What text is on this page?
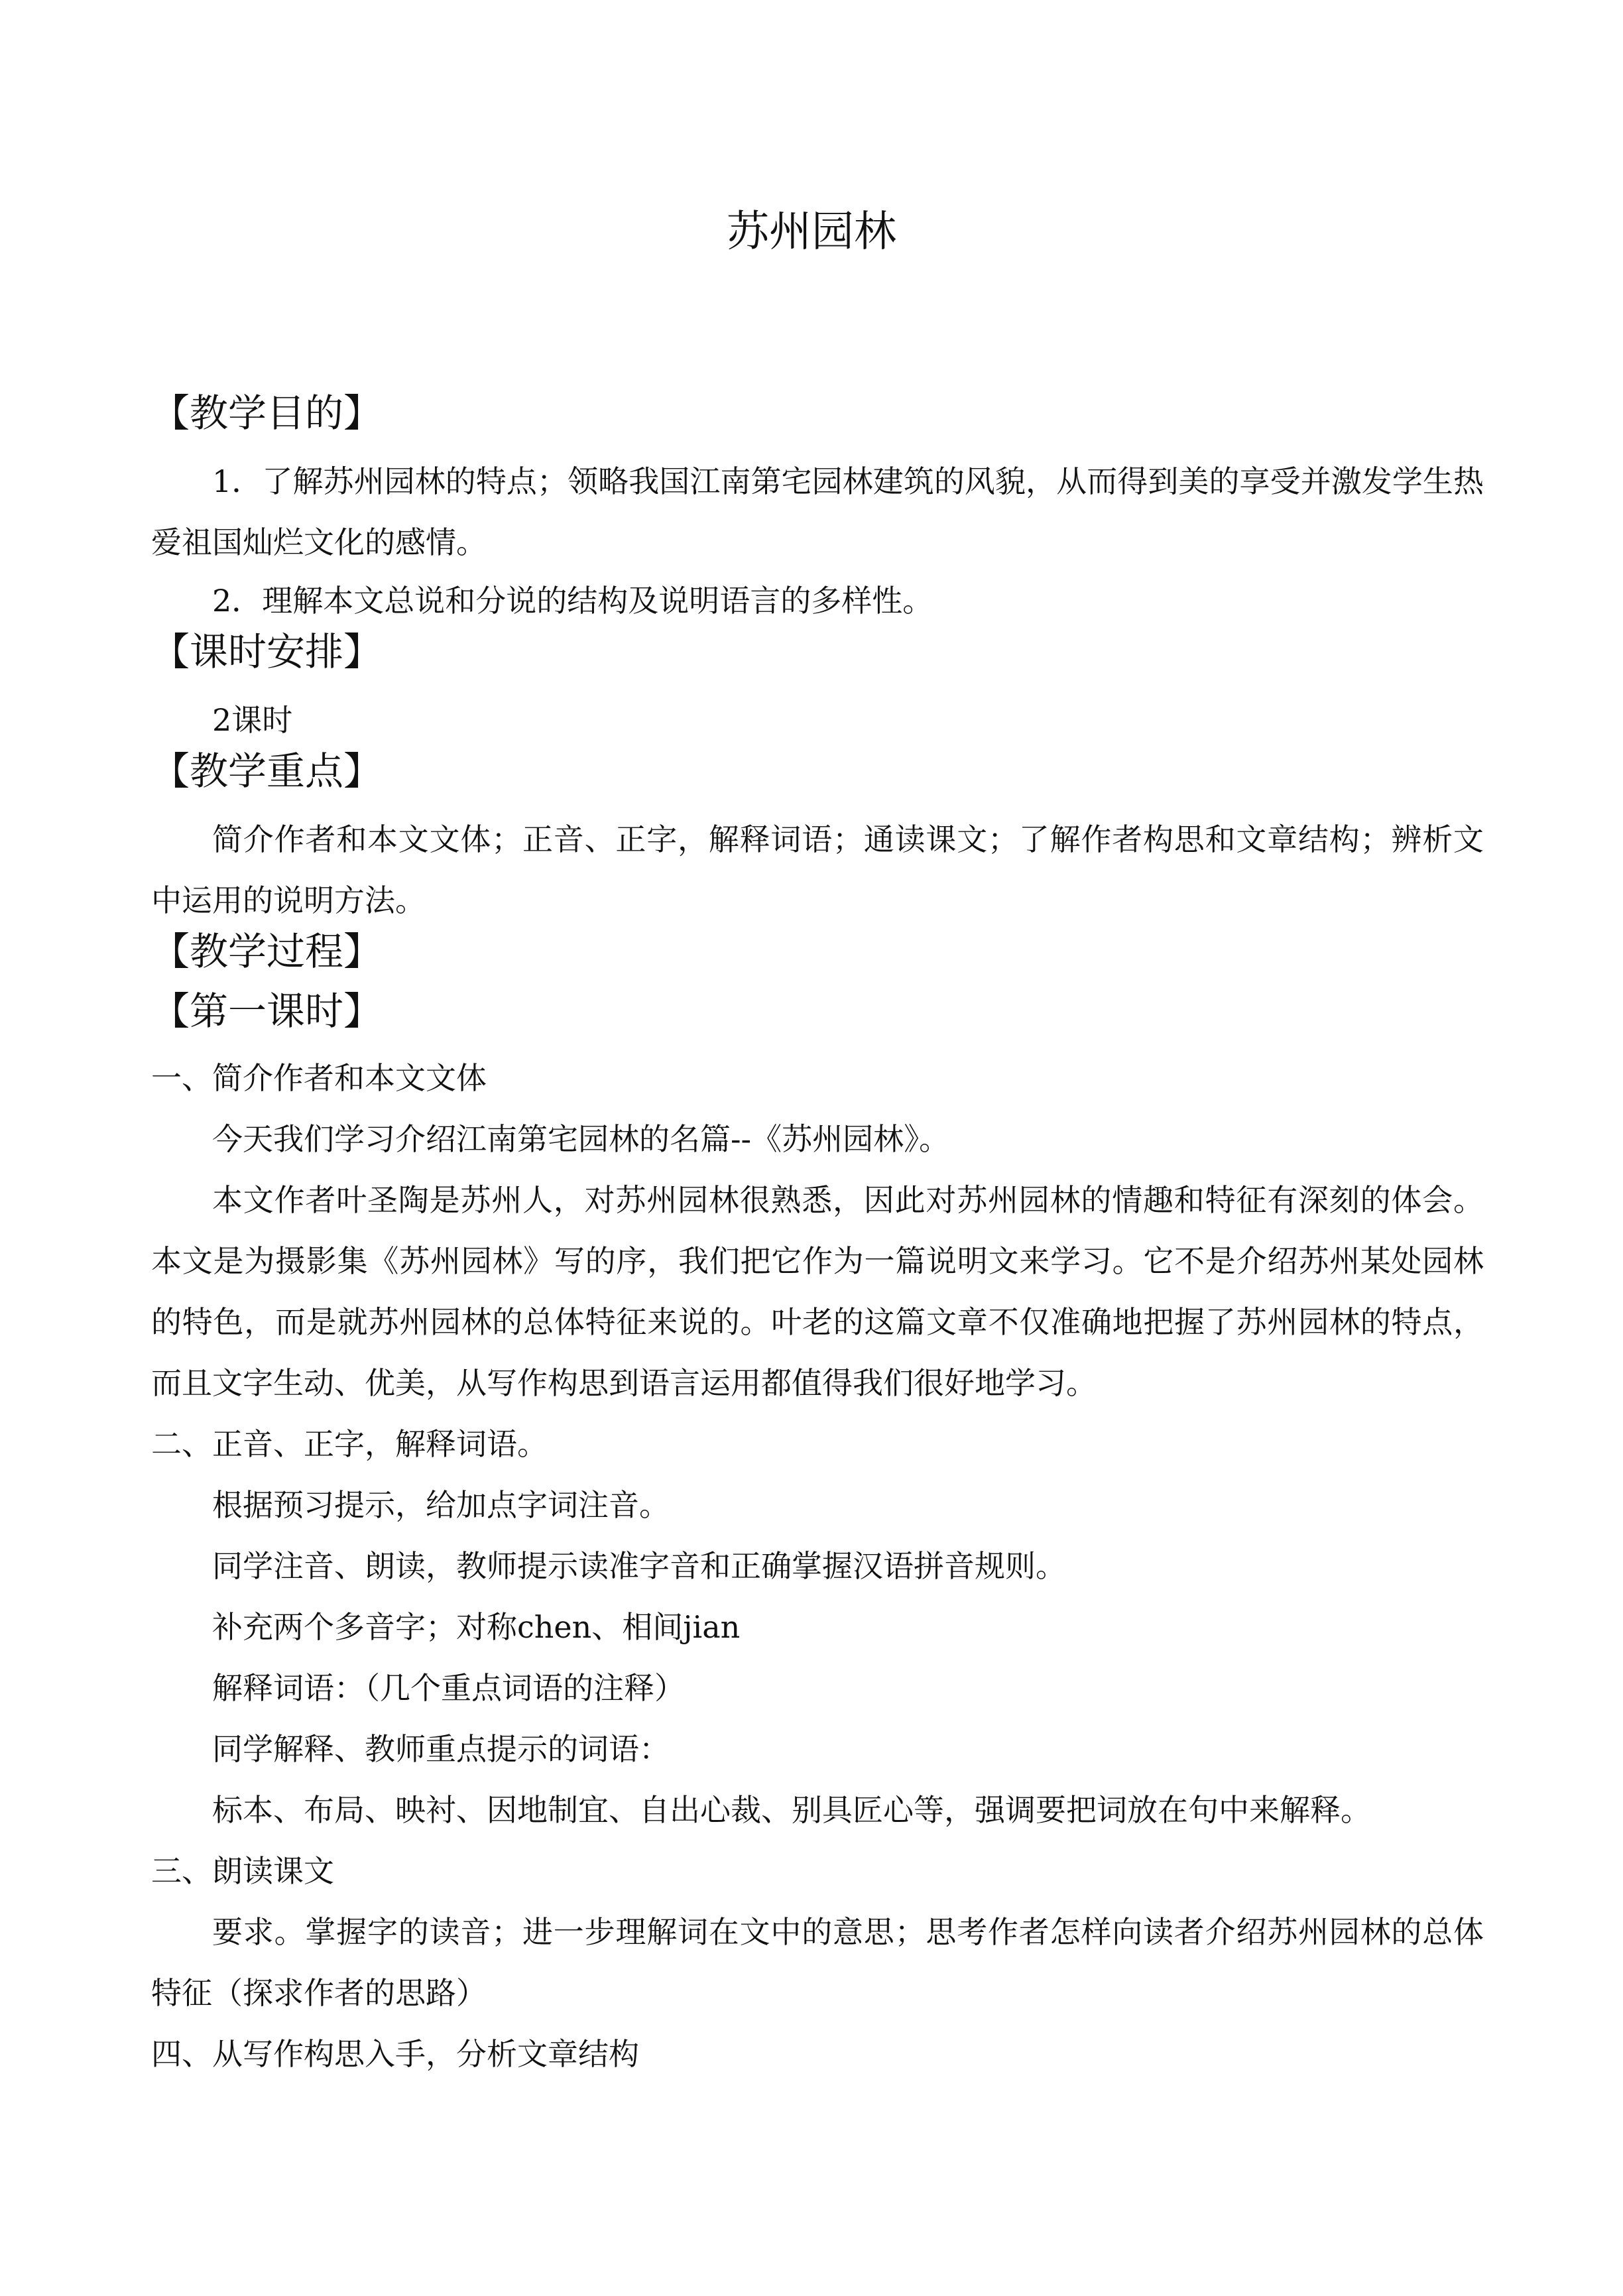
苏州园林
【教学目的】

1．了解苏州园林的特点；领略我国江南第宅园林建筑的风貌，从而得到美的享受并激发学生热爱祖国灿烂文化的感情。

2．理解本文总说和分说的结构及说明语言的多样性。

【课时安排】

2课时

【教学重点】

简介作者和本文文体；正音、正字，解释词语；通读课文；了解作者构思和文章结构；辨析文中运用的说明方法。

【教学过程】
【第一课时】

一、简介作者和本文文体

今天我们学习介绍江南第宅园林的名篇--《苏州园林》。

本文作者叶圣陶是苏州人，对苏州园林很熟悉，因此对苏州园林的情趣和特征有深刻的体会。本文是为摄影集《苏州园林》写的序，我们把它作为一篇说明文来学习。它不是介绍苏州某处园林的特色，而是就苏州园林的总体特征来说的。叶老的这篇文章不仅准确地把握了苏州园林的特点，而且文字生动、优美，从写作构思到语言运用都值得我们很好地学习。

二、正音、正字，解释词语。

根据预习提示，给加点字词注音。

同学注音、朗读，教师提示读准字音和正确掌握汉语拼音规则。

补充两个多音字；对称chen、相间jian

解释词语：（几个重点词语的注释）

同学解释、教师重点提示的词语：

标本、布局、映衬、因地制宜、自出心裁、别具匠心等，强调要把词放在句中来解释。

三、朗读课文

要求。掌握字的读音；进一步理解词在文中的意思；思考作者怎样向读者介绍苏州园林的总体特征（探求作者的思路）

四、从写作构思入手，分析文章结构
